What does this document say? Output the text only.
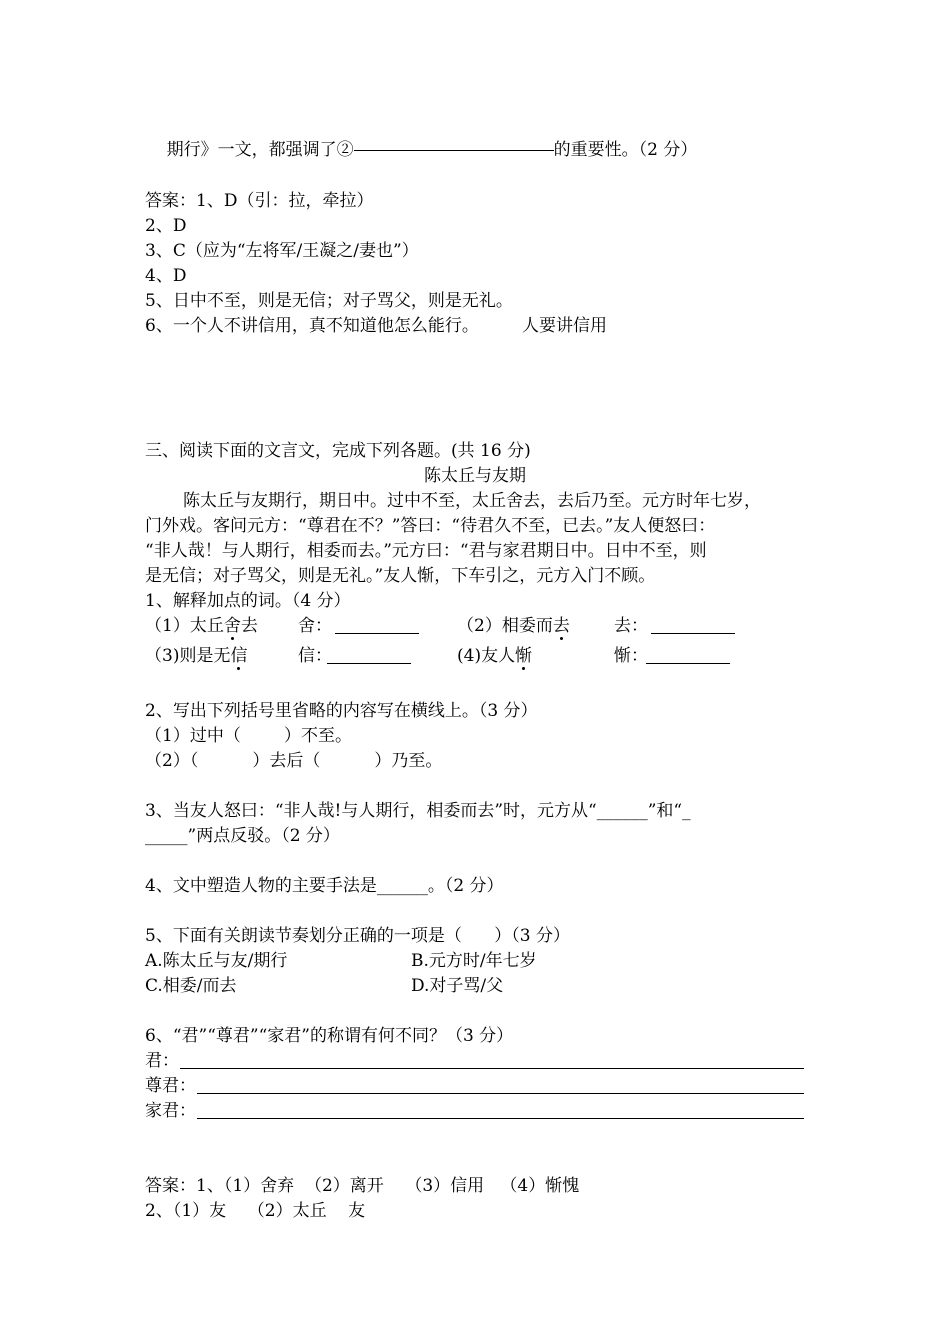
期行》一文，都强调了②	的重要性。（2 分）

答案：1、D（引：拉，牵拉）
2、D
3、C（应为“左将军/王凝之/妻也”）
4、D
5、日中不至，则是无信；对子骂父，则是无礼。
6、一个人不讲信用，真不知道他怎么能行。        人要讲信用
三、阅读下面的文言文，完成下列各题。(共 16 分)
陈太丘与友期
陈太丘与友期行，期日中。过中不至，太丘舍去，去后乃至。元方时年七岁，
门外戏。客问元方：“尊君在不？”答曰：“待君久不至，已去。”友人便怒曰：
“非人哉！与人期行，相委而去。”元方曰：“君与家君期日中。日中不至，则
是无信；对子骂父，则是无礼。”友人惭，下车引之，元方入门不顾。
1、解释加点的词。（4 分）
（1）太丘舍去 舍：	（2）相委而去	去：
（3)则是无信	信：	(4)友人惭	惭：
2、写出下列括号里省略的内容写在横线上。（3 分）
（1）过中（        ）不至。
（2）（          ）去后（          ）乃至。
3、当友人怒曰：“非人哉!与人期行，相委而去”时，元方从“______”和“_
_____”两点反驳。（2 分）
4、文中塑造人物的主要手法是______。（2 分）
5、下面有关朗读节奏划分正确的一项是（      ）（3 分）
A.陈太丘与友/期行	B.元方时/年七岁
C.相委/而去	D.对子骂/父
6、“君”“尊君”“家君”的称谓有何不同？（3 分）
君：
尊君：
家君：
答案：1、（1）舍弃  （2）离开    （3）信用   （4）惭愧
2、（1）友    （2）太丘    友
